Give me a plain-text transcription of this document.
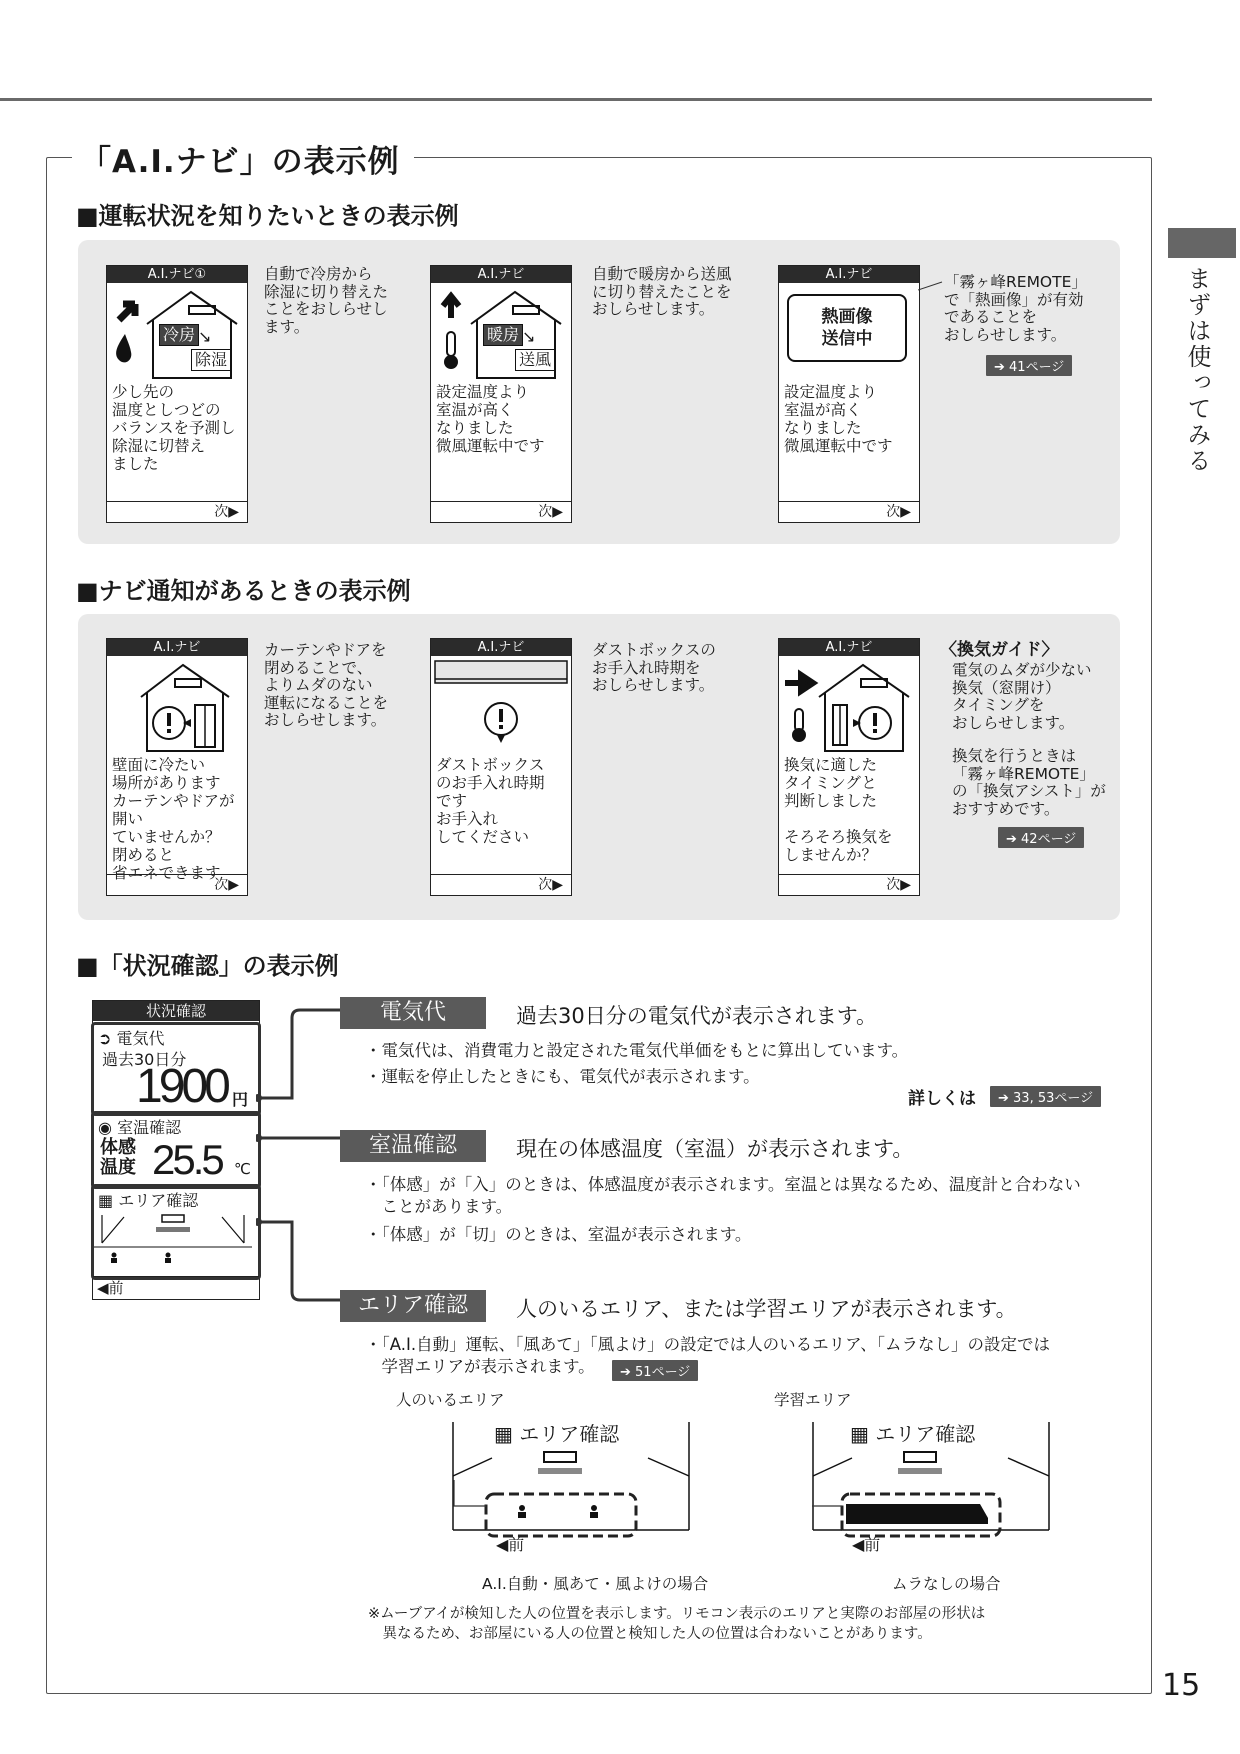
「A.I.ナビ」の表示例
まずは使ってみる
15
■運転状況を知りたいときの表示例
A.I.ナビ①
冷房 ↘
除湿
少し先の
温度としつどの
バランスを予測し
除湿に切替え
ました
次▶
自動で冷房から
除湿に切り替えた
ことをおしらせし
ます。
A.I.ナビ
暖房 ↘
送風
設定温度より
室温が高く
なりました
微風運転中です
次▶
自動で暖房から送風
に切り替えたことを
おしらせします。
A.I.ナビ
熱画像
送信中
設定温度より
室温が高く
なりました
微風運転中です
次▶
「霧ヶ峰REMOTE」
で「熱画像」が有効
であることを
おしらせします。
➔ 41ページ
■ナビ通知があるときの表示例
A.I.ナビ
壁面に冷たい
場所があります
カーテンやドアが開い
ていませんか？
閉めると
省エネできます
次▶
カーテンやドアを
閉めることで、
よりムダのない
運転になることを
おしらせします。
A.I.ナビ
ダストボックス
のお手入れ時期
です
お手入れ
してください
次▶
ダストボックスの
お手入れ時期を
おしらせします。
A.I.ナビ
換気に適した
タイミングと
判断しました

そろそろ換気を
しませんか？
次▶
〈換気ガイド〉
電気のムダが少ない
換気（窓開け）
タイミングを
おしらせします。
換気を行うときは
「霧ヶ峰REMOTE」
の「換気アシスト」が
おすすめです。
➔ 42ページ
■「状況確認」の表示例
状況確認
➲ 電気代
過去30日分
1900 円
◉ 室温確認
体感
温度 25.5 ℃
▦ エリア確認
◀前
電気代	過去30日分の電気代が表示されます。
・電気代は、消費電力と設定された電気代単価をもとに算出しています。
・運転を停止したときにも、電気代が表示されます。
詳しくは	➔ 33, 53ページ
室温確認	現在の体感温度（室温）が表示されます。
・「体感」が「入」のときは、体感温度が表示されます。室温とは異なるため、温度計と合わない
　ことがあります。
・「体感」が「切」のときは、室温が表示されます。
エリア確認	人のいるエリア、または学習エリアが表示されます。
・「A.I.自動」運転、「風あて」「風よけ」の設定では人のいるエリア、「ムラなし」の設定では
　学習エリアが表示されます。	➔ 51ページ
人のいるエリア	学習エリア
▦ エリア確認
◀前
A.I.自動・風あて・風よけの場合
▦ エリア確認
◀前
ムラなしの場合
※ムーブアイが検知した人の位置を表示します。リモコン表示のエリアと実際のお部屋の形状は
　異なるため、お部屋にいる人の位置と検知した人の位置は合わないことがあります。
